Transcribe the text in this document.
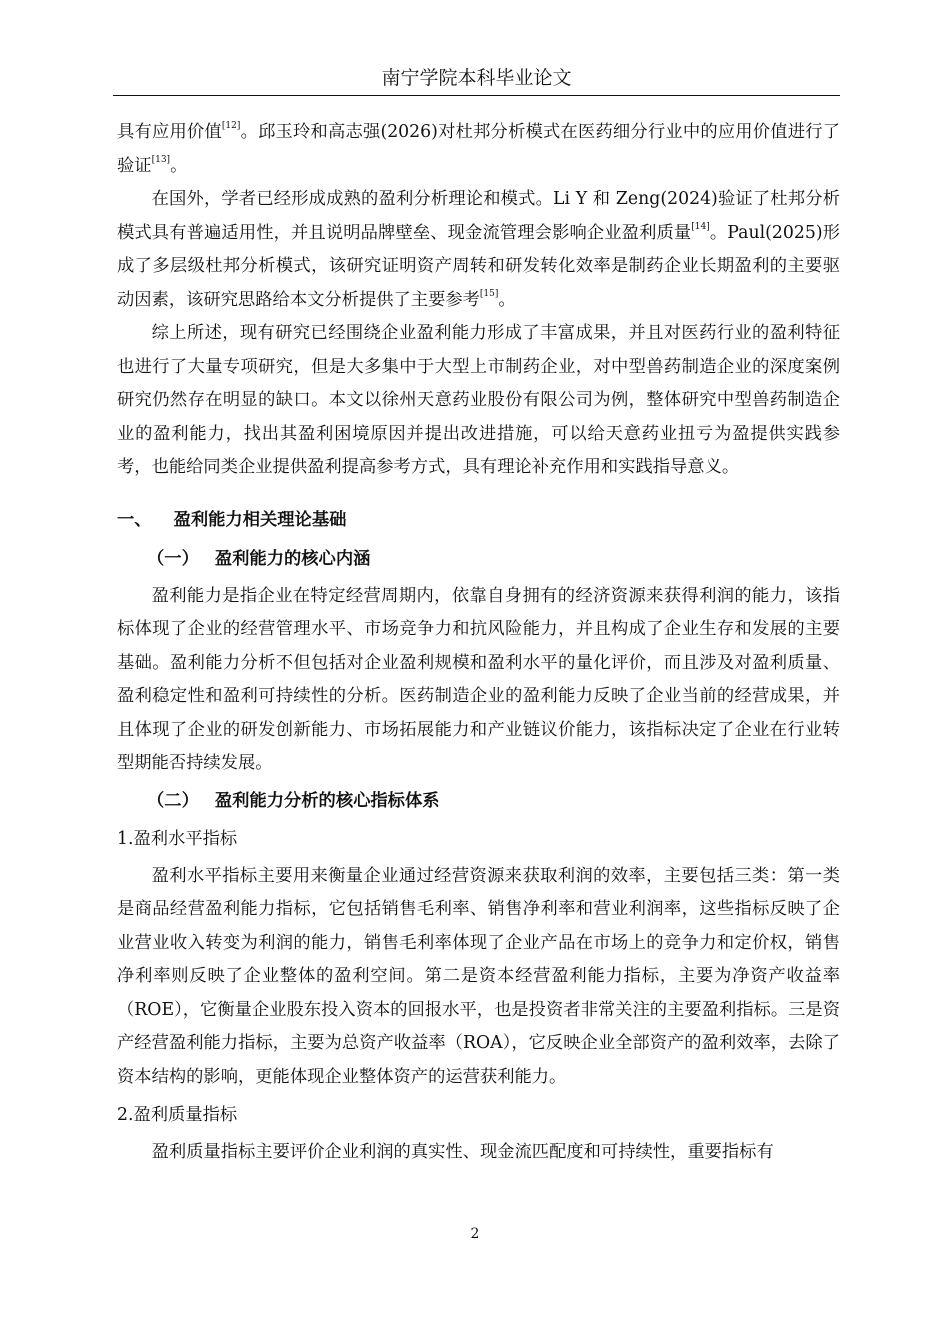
南宁学院本科毕业论文

具有应用价值[12]。邱玉玲和高志强(2026)对杜邦分析模式在医药细分行业中的应用价值进行了验证[13]。

在国外，学者已经形成成熟的盈利分析理论和模式。Li Y 和 Zeng(2024)验证了杜邦分析模式具有普遍适用性，并且说明品牌壁垒、现金流管理会影响企业盈利质量[14]。Paul(2025)形成了多层级杜邦分析模式，该研究证明资产周转和研发转化效率是制药企业长期盈利的主要驱动因素，该研究思路给本文分析提供了主要参考[15]。

综上所述，现有研究已经围绕企业盈利能力形成了丰富成果，并且对医药行业的盈利特征也进行了大量专项研究，但是大多集中于大型上市制药企业，对中型兽药制造企业的深度案例研究仍然存在明显的缺口。本文以徐州天意药业股份有限公司为例，整体研究中型兽药制造企业的盈利能力，找出其盈利困境原因并提出改进措施，可以给天意药业扭亏为盈提供实践参考，也能给同类企业提供盈利提高参考方式，具有理论补充作用和实践指导意义。

一、 盈利能力相关理论基础
（一） 盈利能力的核心内涵

盈利能力是指企业在特定经营周期内，依靠自身拥有的经济资源来获得利润的能力，该指标体现了企业的经营管理水平、市场竞争力和抗风险能力，并且构成了企业生存和发展的主要基础。盈利能力分析不但包括对企业盈利规模和盈利水平的量化评价，而且涉及对盈利质量、盈利稳定性和盈利可持续性的分析。医药制造企业的盈利能力反映了企业当前的经营成果，并且体现了企业的研发创新能力、市场拓展能力和产业链议价能力，该指标决定了企业在行业转型期能否持续发展。

（二） 盈利能力分析的核心指标体系
1.盈利水平指标

盈利水平指标主要用来衡量企业通过经营资源来获取利润的效率，主要包括三类：第一类是商品经营盈利能力指标，它包括销售毛利率、销售净利率和营业利润率，这些指标反映了企业营业收入转变为利润的能力，销售毛利率体现了企业产品在市场上的竞争力和定价权，销售净利率则反映了企业整体的盈利空间。第二是资本经营盈利能力指标，主要为净资产收益率（ROE），它衡量企业股东投入资本的回报水平，也是投资者非常关注的主要盈利指标。三是资产经营盈利能力指标，主要为总资产收益率（ROA），它反映企业全部资产的盈利效率，去除了资本结构的影响，更能体现企业整体资产的运营获利能力。

2.盈利质量指标

盈利质量指标主要评价企业利润的真实性、现金流匹配度和可持续性，重要指标有

2
